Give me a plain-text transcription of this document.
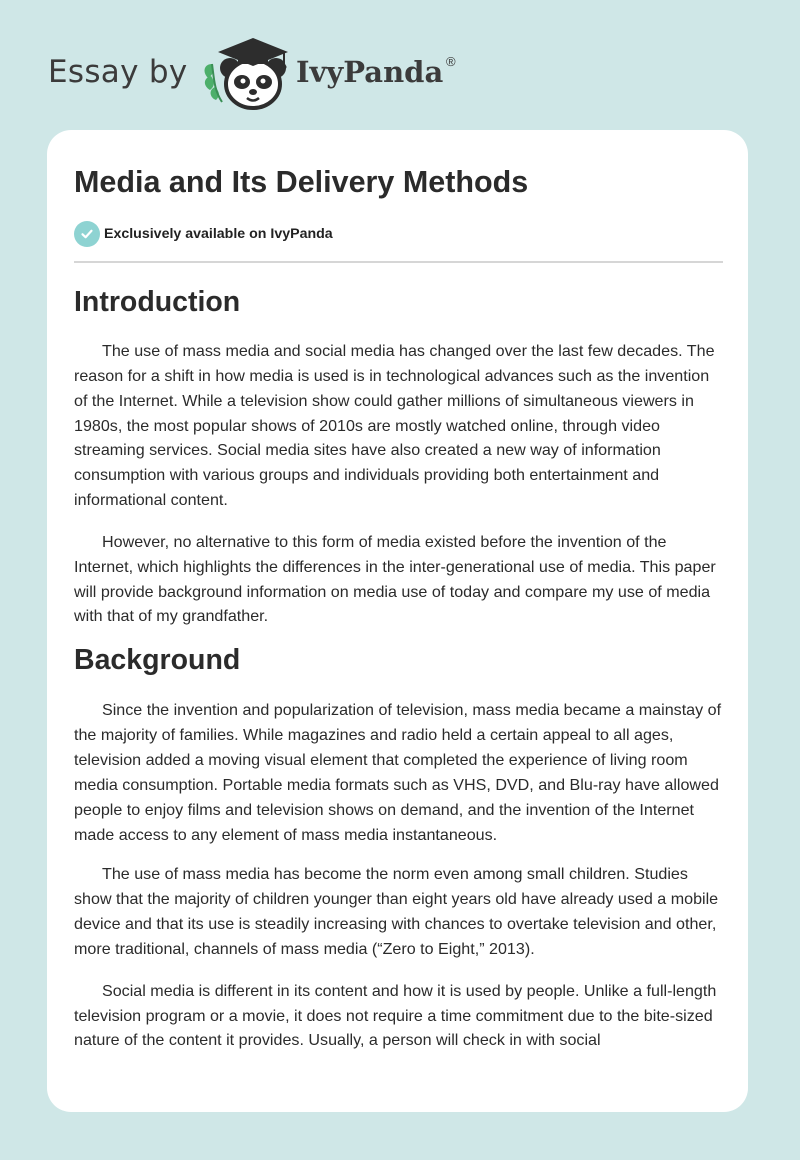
Essay by	IvyPanda ®
Media and Its Delivery Methods
Exclusively available on IvyPanda
Introduction

The use of mass media and social media has changed over the last few decades. The reason for a shift in how media is used is in technological advances such as the invention of the Internet. While a television show could gather millions of simultaneous viewers in 1980s, the most popular shows of 2010s are mostly watched online, through video streaming services. Social media sites have also created a new way of information consumption with various groups and individuals providing both entertainment and informational content.

However, no alternative to this form of media existed before the invention of the Internet, which highlights the differences in the inter-generational use of media. This paper will provide background information on media use of today and compare my use of media with that of my grandfather.

Background

Since the invention and popularization of television, mass media became a mainstay of the majority of families. While magazines and radio held a certain appeal to all ages, television added a moving visual element that completed the experience of living room media consumption. Portable media formats such as VHS, DVD, and Blu-ray have allowed people to enjoy films and television shows on demand, and the invention of the Internet made access to any element of mass media instantaneous.

The use of mass media has become the norm even among small children. Studies show that the majority of children younger than eight years old have already used a mobile device and that its use is steadily increasing with chances to overtake television and other, more traditional, channels of mass media (“Zero to Eight,” 2013).

Social media is different in its content and how it is used by people. Unlike a full-length television program or a movie, it does not require a time commitment due to the bite-sized nature of the content it provides. Usually, a person will check in with social
